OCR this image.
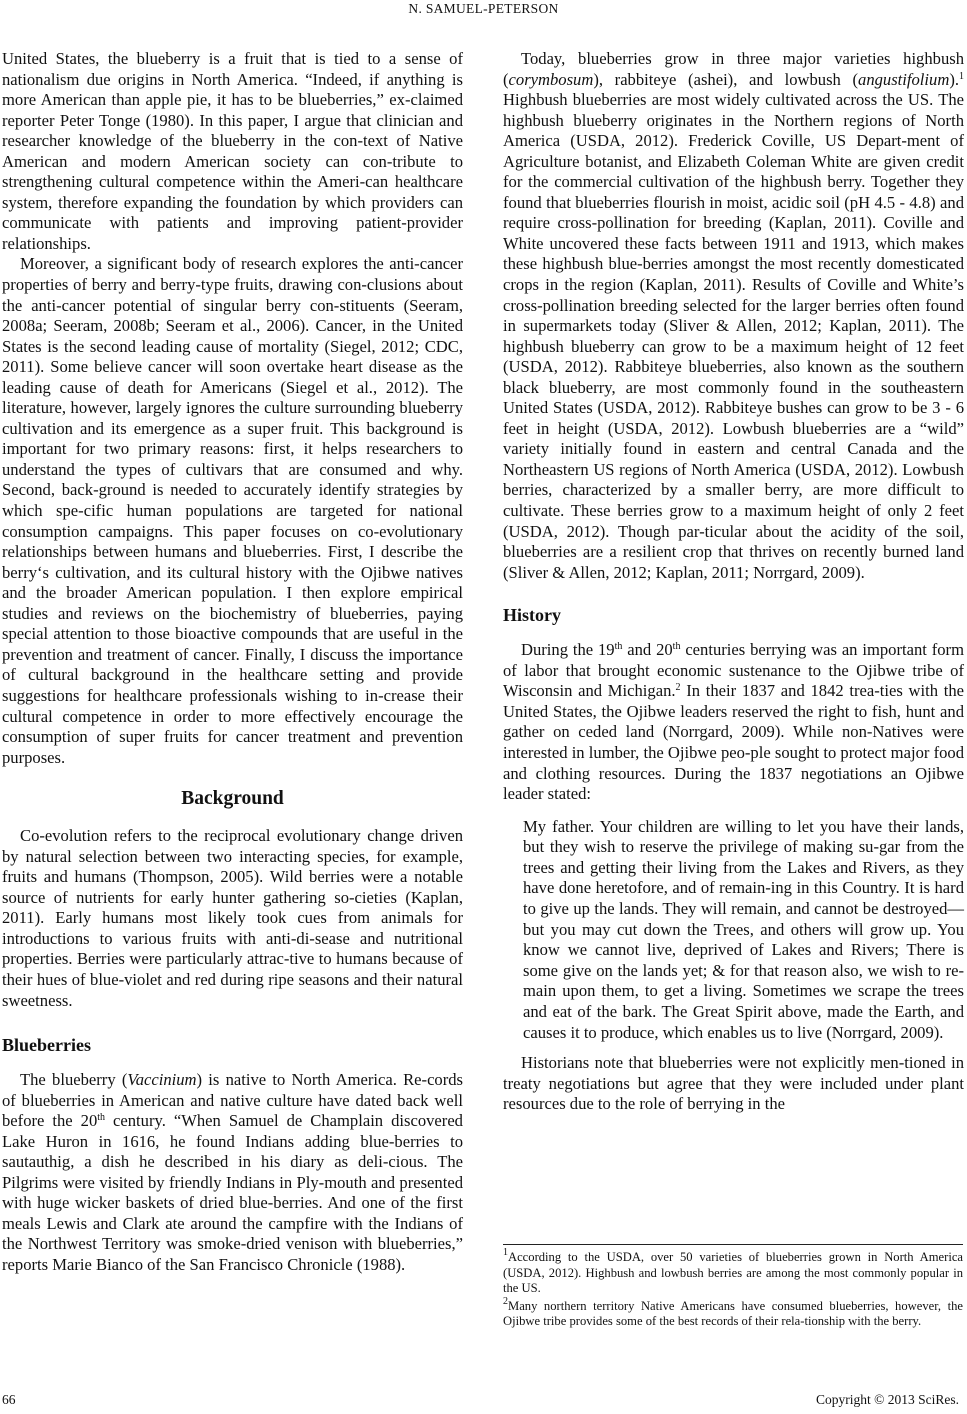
N. SAMUEL-PETERSON

United States, the blueberry is a fruit that is tied to a sense of nationalism due origins in North America. “Indeed, if anything is more American than apple pie, it has to be blueberries,” ex-claimed reporter Peter Tonge (1980). In this paper, I argue that clinician and researcher knowledge of the blueberry in the con-text of Native American and modern American society can con-tribute to strengthening cultural competence within the Ameri-can healthcare system, therefore expanding the foundation by which providers can communicate with patients and improving patient-provider relationships.

Moreover, a significant body of research explores the anti-cancer properties of berry and berry-type fruits, drawing con-clusions about the anti-cancer potential of singular berry con-stituents (Seeram, 2008a; Seeram, 2008b; Seeram et al., 2006). Cancer, in the United States is the second leading cause of mortality (Siegel, 2012; CDC, 2011). Some believe cancer will soon overtake heart disease as the leading cause of death for Americans (Siegel et al., 2012). The literature, however, largely ignores the culture surrounding blueberry cultivation and its emergence as a super fruit. This background is important for two primary reasons: first, it helps researchers to understand the types of cultivars that are consumed and why. Second, back-ground is needed to accurately identify strategies by which spe-cific human populations are targeted for national consumption campaigns. This paper focuses on co-evolutionary relationships between humans and blueberries. First, I describe the berry‘s cultivation, and its cultural history with the Ojibwe natives and the broader American population. I then explore empirical studies and reviews on the biochemistry of blueberries, paying special attention to those bioactive compounds that are useful in the prevention and treatment of cancer. Finally, I discuss the importance of cultural background in the healthcare setting and provide suggestions for healthcare professionals wishing to in-crease their cultural competence in order to more effectively encourage the consumption of super fruits for cancer treatment and prevention purposes.

Background

Co-evolution refers to the reciprocal evolutionary change driven by natural selection between two interacting species, for example, fruits and humans (Thompson, 2005). Wild berries were a notable source of nutrients for early hunter gathering so-cieties (Kaplan, 2011). Early humans most likely took cues from animals for introductions to various fruits with anti-di-sease and nutritional properties. Berries were particularly attrac-tive to humans because of their hues of blue-violet and red during ripe seasons and their natural sweetness.

Blueberries

The blueberry (Vaccinium) is native to North America. Re-cords of blueberries in American and native culture have dated back well before the 20th century. “When Samuel de Champlain discovered Lake Huron in 1616, he found Indians adding blue-berries to sautauthig, a dish he described in his diary as deli-cious. The Pilgrims were visited by friendly Indians in Ply-mouth and presented with huge wicker baskets of dried blue-berries. And one of the first meals Lewis and Clark ate around the campfire with the Indians of the Northwest Territory was smoke-dried venison with blueberries,” reports Marie Bianco of the San Francisco Chronicle (1988).

Today, blueberries grow in three major varieties highbush (corymbosum), rabbiteye (ashei), and lowbush (angustifolium).$^1$ Highbush blueberries are most widely cultivated across the US. The highbush blueberry originates in the Northern regions of North America (USDA, 2012). Frederick Coville, US Depart-ment of Agriculture botanist, and Elizabeth Coleman White are given credit for the commercial cultivation of the highbush berry. Together they found that blueberries flourish in moist, acidic soil (pH 4.5 - 4.8) and require cross-pollination for breeding (Kaplan, 2011). Coville and White uncovered these facts between 1911 and 1913, which makes these highbush blue-berries amongst the most recently domesticated crops in the region (Kaplan, 2011). Results of Coville and White’s cross-pollination breeding selected for the larger berries often found in supermarkets today (Sliver & Allen, 2012; Kaplan, 2011). The highbush blueberry can grow to be a maximum height of 12 feet (USDA, 2012). Rabbiteye blueberries, also known as the southern black blueberry, are most commonly found in the southeastern United States (USDA, 2012). Rabbiteye bushes can grow to be 3 - 6 feet in height (USDA, 2012). Lowbush blueberries are a “wild” variety initially found in eastern and central Canada and the Northeastern US regions of North America (USDA, 2012). Lowbush berries, characterized by a smaller berry, are more difficult to cultivate. These berries grow to a maximum height of only 2 feet (USDA, 2012). Though par-ticular about the acidity of the soil, blueberries are a resilient crop that thrives on recently burned land (Sliver & Allen, 2012; Kaplan, 2011; Norrgard, 2009).

History

During the 19th and 20th centuries berrying was an important form of labor that brought economic sustenance to the Ojibwe tribe of Wisconsin and Michigan.$^2$ In their 1837 and 1842 trea-ties with the United States, the Ojibwe leaders reserved the right to fish, hunt and gather on ceded land (Norrgard, 2009). While non-Natives were interested in lumber, the Ojibwe peo-ple sought to protect major food and clothing resources. During the 1837 negotiations an Ojibwe leader stated:

My father. Your children are willing to let you have their lands, but they wish to reserve the privilege of making su-gar from the trees and getting their living from the Lakes and Rivers, as they have done heretofore, and of remain-ing in this Country. It is hard to give up the lands. They will remain, and cannot be destroyed—but you may cut down the Trees, and others will grow up. You know we cannot live, deprived of Lakes and Rivers; There is some give on the lands yet; & for that reason also, we wish to re-main upon them, to get a living. Sometimes we scrape the trees and eat of the bark. The Great Spirit above, made the Earth, and causes it to produce, which enables us to live (Norrgard, 2009).

Historians note that blueberries were not explicitly men-tioned in treaty negotiations but agree that they were included under plant resources due to the role of berrying in the

$^1$According to the USDA, over 50 varieties of blueberries grown in North America (USDA, 2012). Highbush and lowbush berries are among the most commonly popular in the US.

$^2$Many northern territory Native Americans have consumed blueberries, however, the Ojibwe tribe provides some of the best records of their rela-tionship with the berry.

66	Copyright © 2013 SciRes.
